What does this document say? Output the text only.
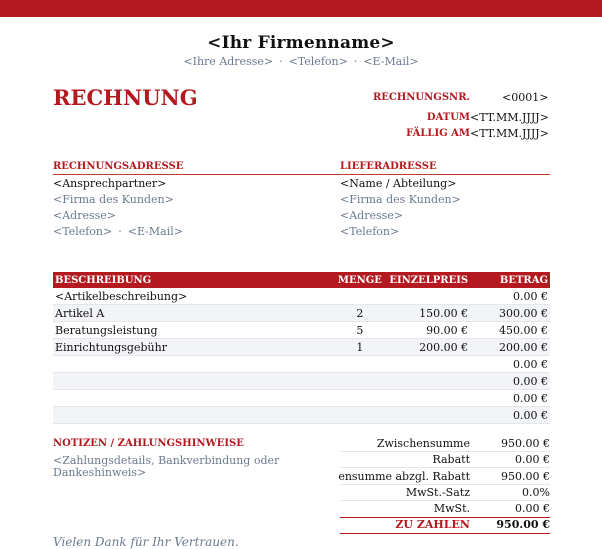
<Ihr Firmenname>
<Ihre Adresse> · <Telefon> · <E-Mail>
RECHNUNG	RECHNUNGSNR.	<0001>
DATUM <TT.MM.JJJJ>
FÄLLIG AM <TT.MM.JJJJ>
RECHNUNGSADRESSE	LIEFERADRESSE
<Ansprechpartner>
<Firma des Kunden>
<Adresse>
<Telefon> · <E-Mail>
<Name / Abteilung>
<Firma des Kunden>
<Adresse>
<Telefon>
BESCHREIBUNG	MENGE	EINZELPREIS	BETRAG
<Artikelbeschreibung>			0.00 €
Artikel A	2	150.00 €	300.00 €
Beratungsleistung	5	90.00 €	450.00 €
Einrichtungsgebühr	1	200.00 €	200.00 €
			0.00 €
			0.00 €
			0.00 €
			0.00 €
NOTIZEN / ZAHLUNGSHINWEISE
<Zahlungsdetails, Bankverbindung oder
Dankeshinweis>
Zwischensumme	950.00 €
Rabatt	0.00 €
ensumme abzgl. Rabatt	950.00 €
MwSt.-Satz	0.0%
MwSt.	0.00 €
ZU ZAHLEN	950.00 €
Vielen Dank für Ihr Vertrauen.
